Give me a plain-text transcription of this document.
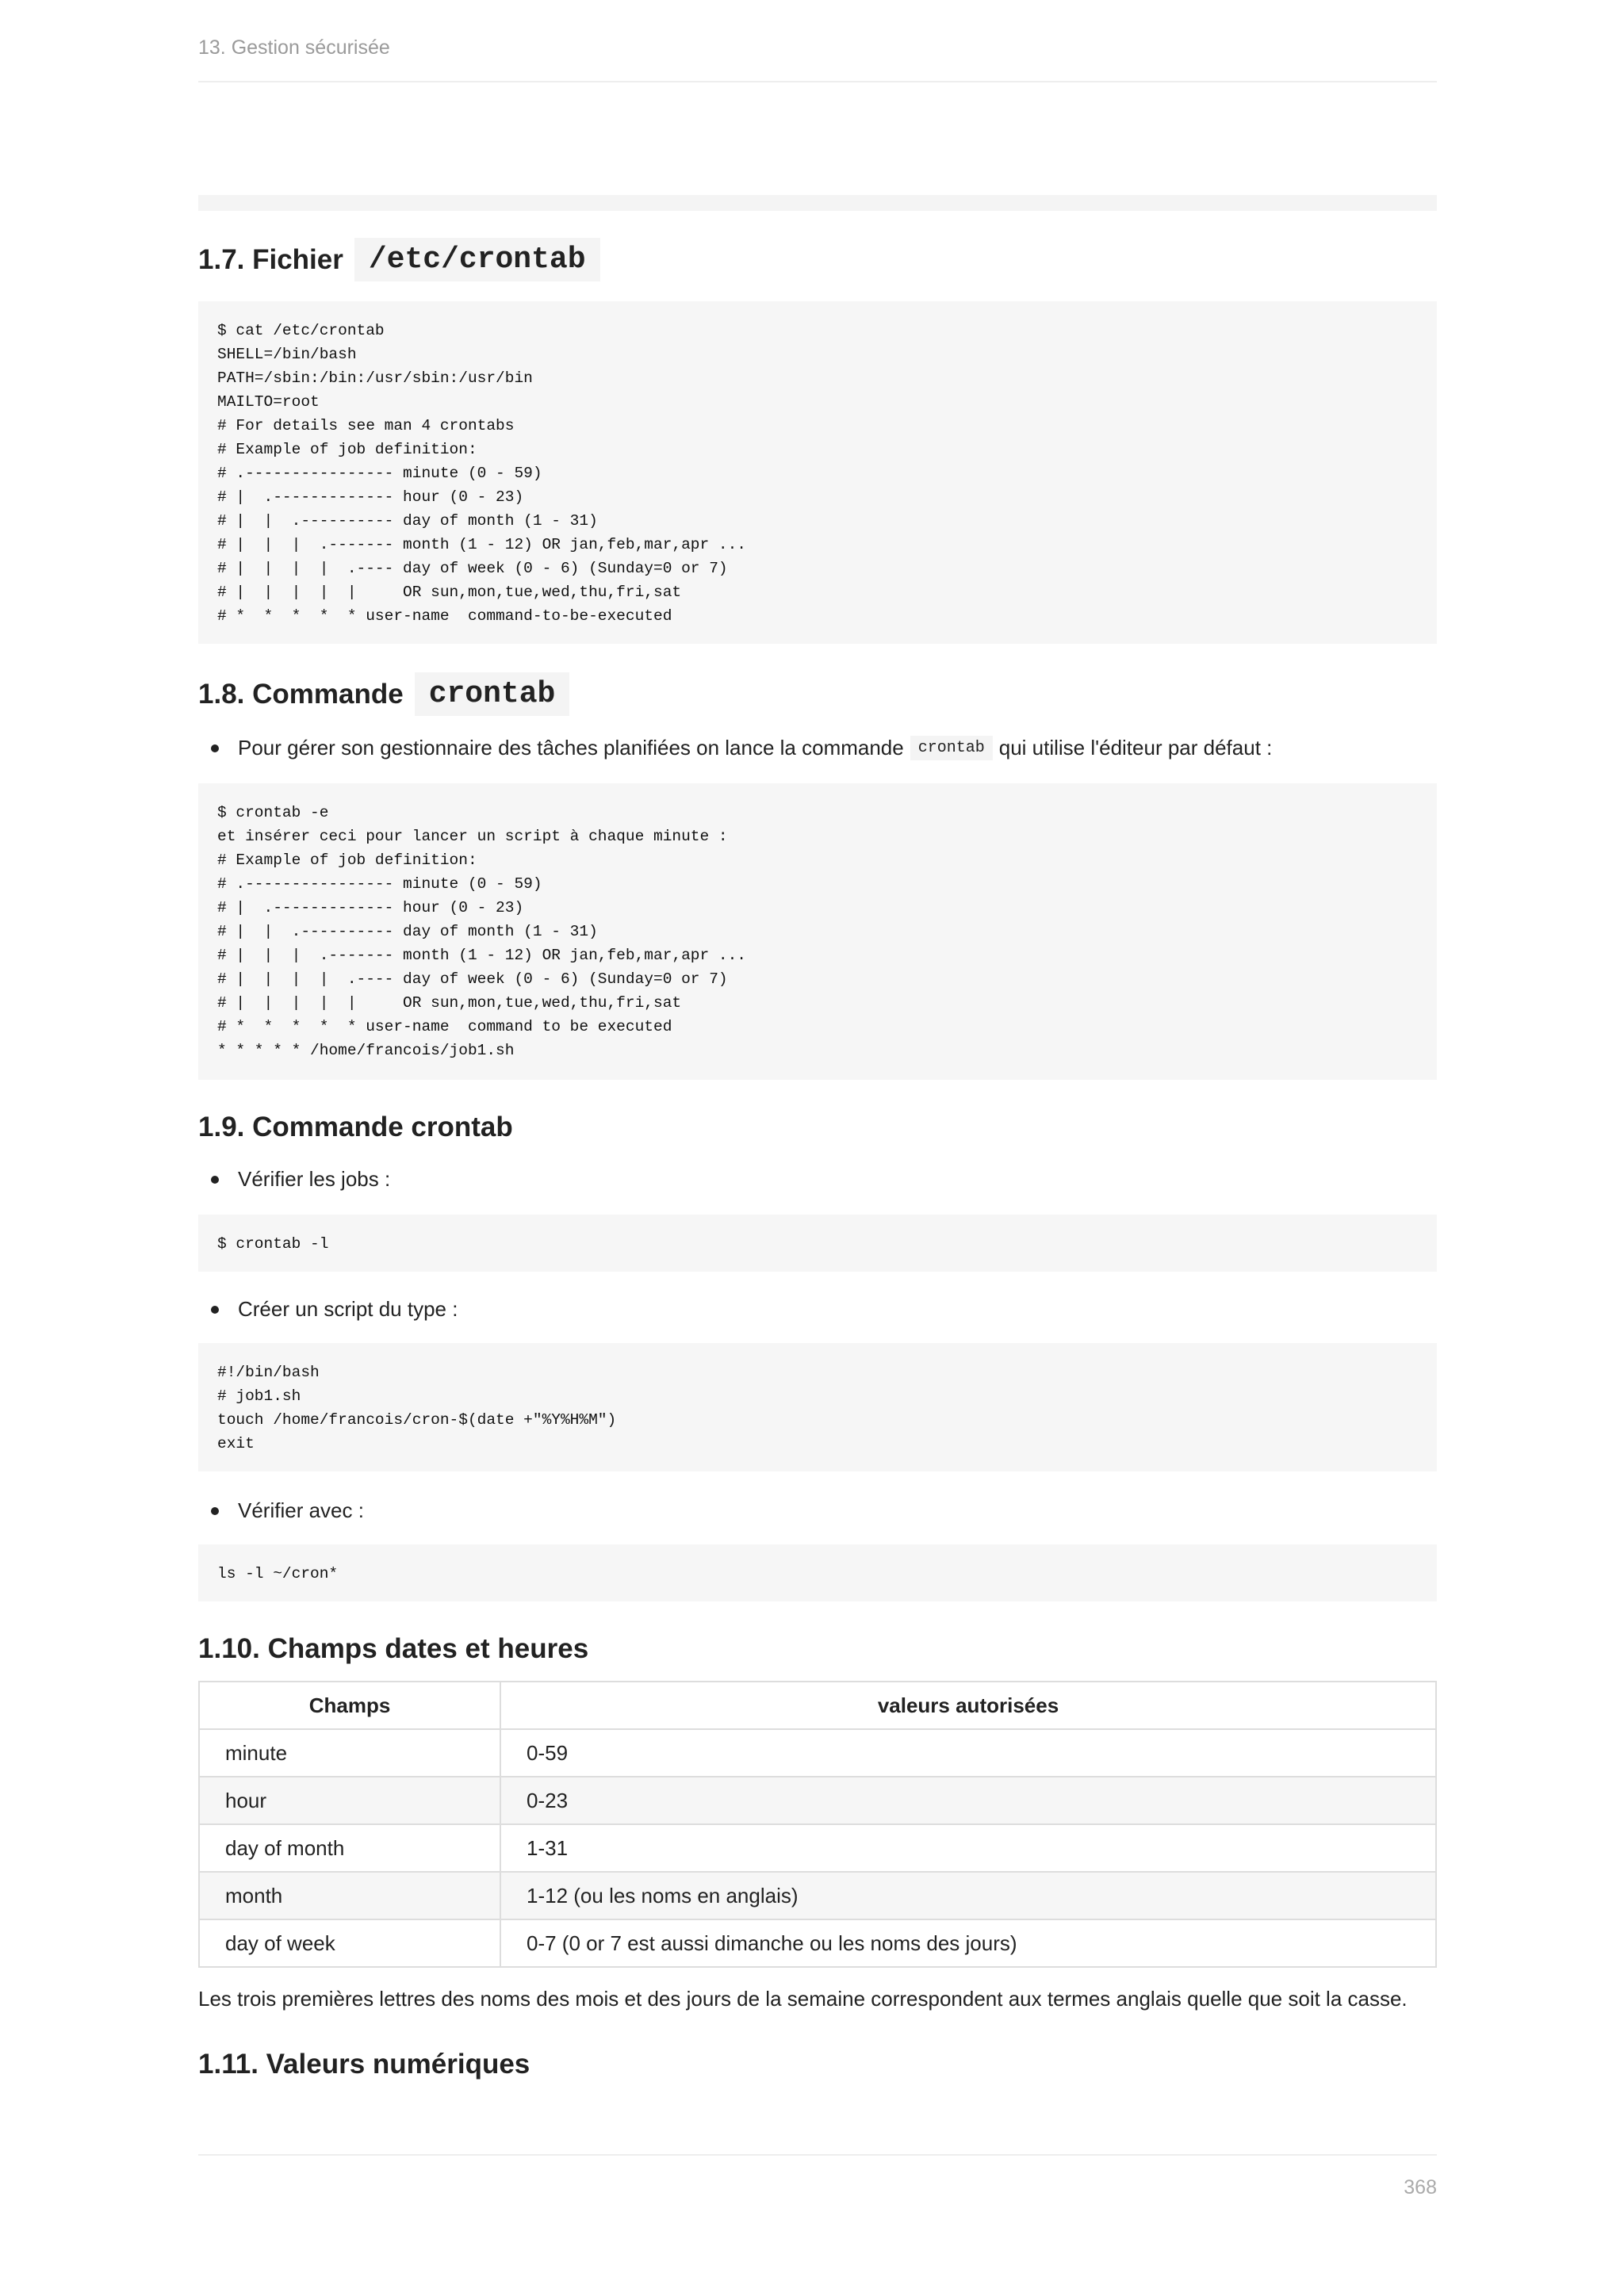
13. Gestion sécurisée
1.7. Fichier /etc/crontab
$ cat /etc/crontab
SHELL=/bin/bash
PATH=/sbin:/bin:/usr/sbin:/usr/bin
MAILTO=root
# For details see man 4 crontabs
# Example of job definition:
# .---------------- minute (0 - 59)
# |  .------------- hour (0 - 23)
# |  |  .---------- day of month (1 - 31)
# |  |  |  .------- month (1 - 12) OR jan,feb,mar,apr ...
# |  |  |  |  .---- day of week (0 - 6) (Sunday=0 or 7)
# |  |  |  |  |     OR sun,mon,tue,wed,thu,fri,sat
# *  *  *  *  * user-name  command-to-be-executed
1.8. Commande crontab
Pour gérer son gestionnaire des tâches planifiées on lance la commande crontab qui utilise l'éditeur par défaut :
$ crontab -e
et insérer ceci pour lancer un script à chaque minute :
# Example of job definition:
# .---------------- minute (0 - 59)
# |  .------------- hour (0 - 23)
# |  |  .---------- day of month (1 - 31)
# |  |  |  .------- month (1 - 12) OR jan,feb,mar,apr ...
# |  |  |  |  .---- day of week (0 - 6) (Sunday=0 or 7)
# |  |  |  |  |     OR sun,mon,tue,wed,thu,fri,sat
# *  *  *  *  * user-name  command to be executed
* * * * * /home/francois/job1.sh
1.9. Commande crontab
Vérifier les jobs :
$ crontab -l
Créer un script du type :
#!/bin/bash
# job1.sh
touch /home/francois/cron-$(date +"%Y%H%M")
exit
Vérifier avec :
ls -l ~/cron*
1.10. Champs dates et heures
Champs	valeurs autorisées
minute	0-59
hour	0-23
day of month	1-31
month	1-12 (ou les noms en anglais)
day of week	0-7 (0 or 7 est aussi dimanche ou les noms des jours)
Les trois premières lettres des noms des mois et des jours de la semaine correspondent aux termes anglais quelle que soit la casse.
1.11. Valeurs numériques
368
